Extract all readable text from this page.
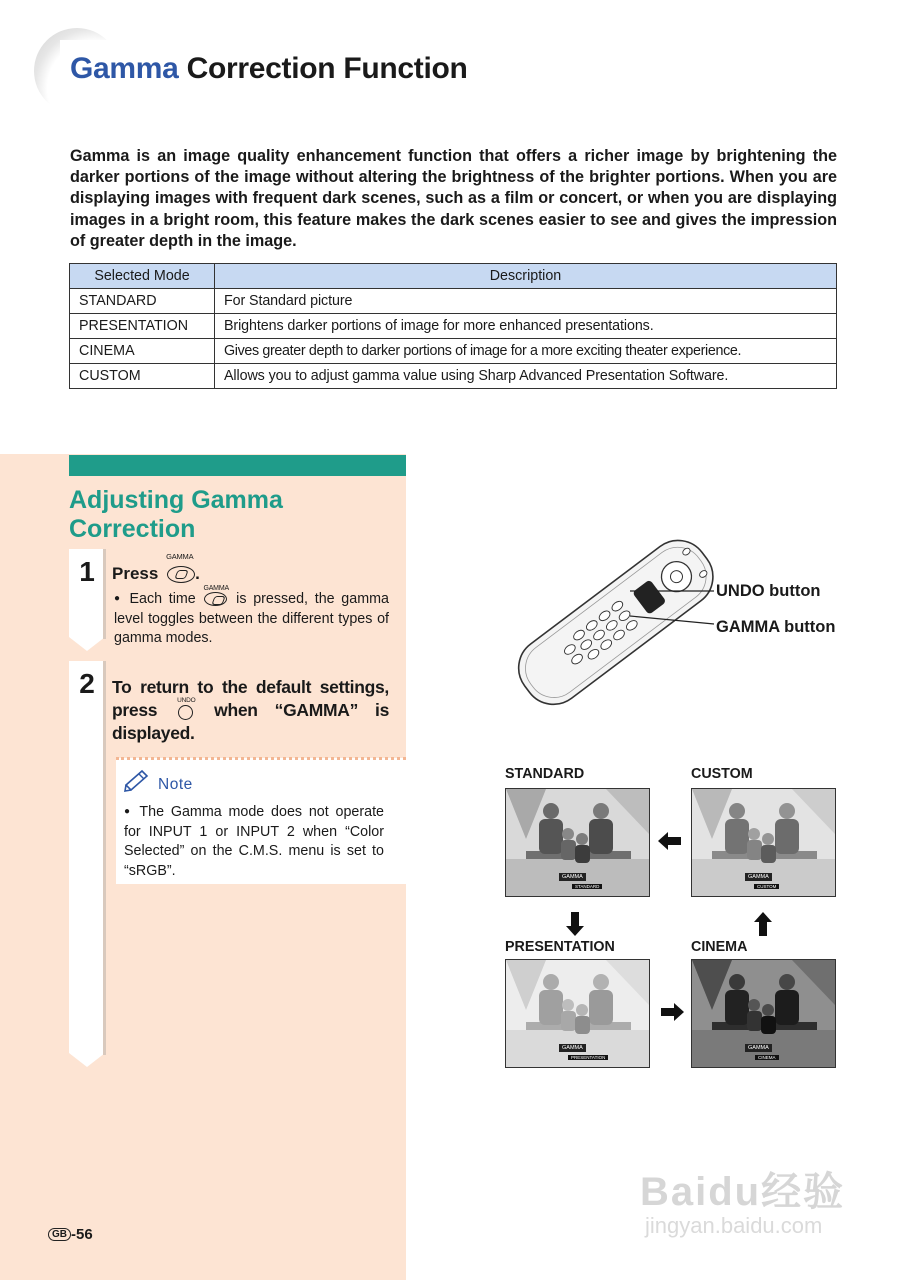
Gamma Correction Function
Gamma is an image quality enhancement function that offers a richer image by brightening the darker portions of the image without altering the brightness of the brighter portions. When you are displaying images with frequent dark scenes, such as a film or concert, or when you are displaying images in a bright room, this feature makes the dark scenes easier to see and gives the impression of greater depth in the image.
Selected Mode	Description
STANDARD	For Standard picture
PRESENTATION	Brightens darker portions of image for more enhanced presentations.
CINEMA	Gives greater depth to darker portions of image for a more exciting theater experience.
CUSTOM	Allows you to adjust gamma value using Sharp Advanced Presentation Software.
Adjusting Gamma Correction
1	Press
GAMMA
.
● Each time
GAMMA
is pressed, the gamma level toggles between the different types of gamma modes.
2 To return to the default settings, press	UNDO when “GAMMA” is displayed.
Note
● The Gamma mode does not operate for INPUT 1 or INPUT 2 when “Color Selected” on the C.M.S. menu is set to “sRGB”.
UNDO button
GAMMA button
STANDARD	CUSTOM
PRESENTATION	CINEMA
GAMMA
STANDARD
GAMMA
CUSTOM
GAMMA
PRESENTATION
GAMMA
CINEMA
GB -56
Baidu经验
jingyan.baidu.com
